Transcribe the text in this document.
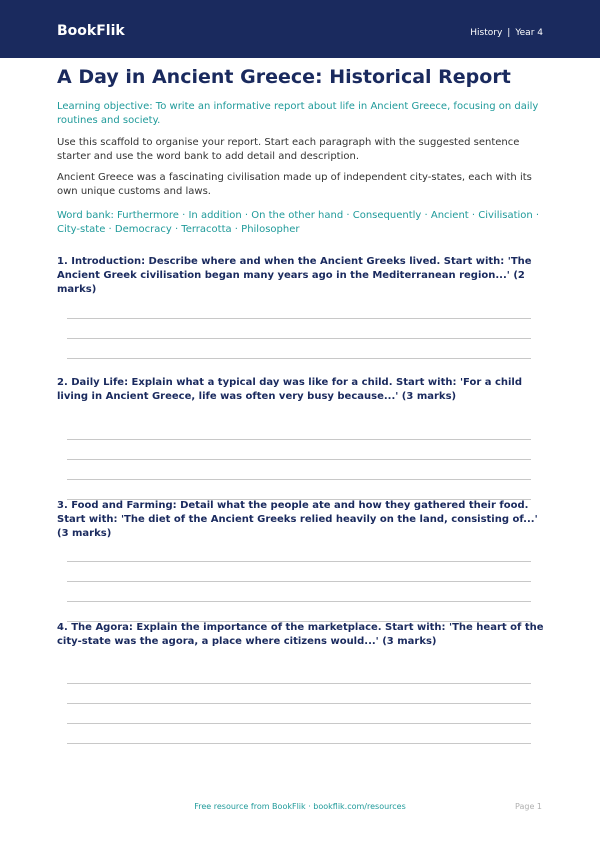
BookFlik	History | Year 4
A Day in Ancient Greece: Historical Report
Learning objective: To write an informative report about life in Ancient Greece, focusing on daily routines and society.
Use this scaffold to organise your report. Start each paragraph with the suggested sentence starter and use the word bank to add detail and description.
Ancient Greece was a fascinating civilisation made up of independent city-states, each with its own unique customs and laws.
Word bank: Furthermore · In addition · On the other hand · Consequently · Ancient · Civilisation · City-state · Democracy · Terracotta · Philosopher
1. Introduction: Describe where and when the Ancient Greeks lived. Start with: 'The Ancient Greek civilisation began many years ago in the Mediterranean region...' (2 marks)
2. Daily Life: Explain what a typical day was like for a child. Start with: 'For a child living in Ancient Greece, life was often very busy because...' (3 marks)
3. Food and Farming: Detail what the people ate and how they gathered their food. Start with: 'The diet of the Ancient Greeks relied heavily on the land, consisting of...' (3 marks)
4. The Agora: Explain the importance of the marketplace. Start with: 'The heart of the city-state was the agora, a place where citizens would...' (3 marks)
Free resource from BookFlik · bookflik.com/resources	Page 1
